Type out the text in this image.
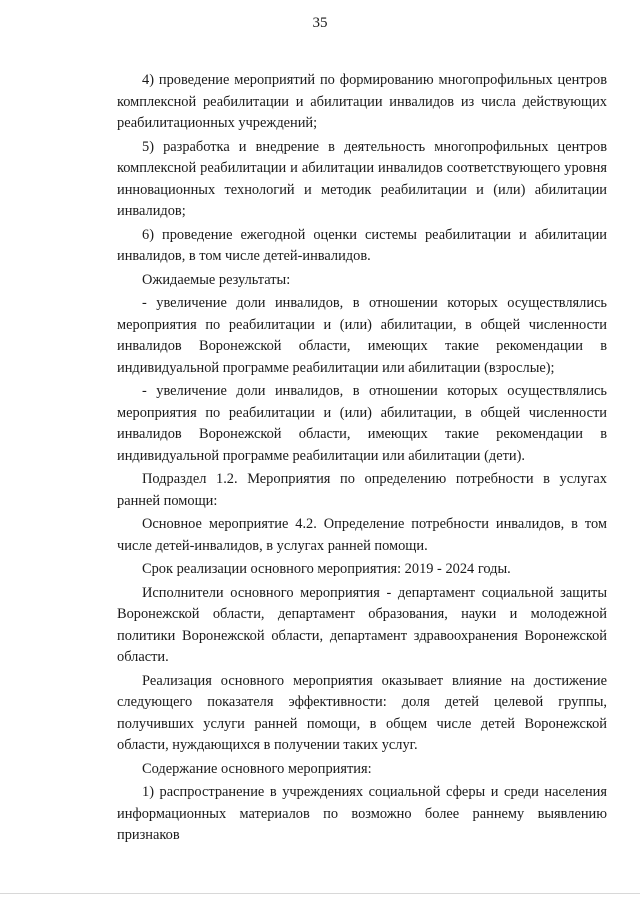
35

4) проведение мероприятий по формированию многопрофильных центров комплексной реабилитации и абилитации инвалидов из числа действующих реабилитационных учреждений;

5) разработка и внедрение в деятельность многопрофильных центров комплексной реабилитации и абилитации инвалидов соответствующего уровня инновационных технологий и методик реабилитации и (или) абилитации инвалидов;

6) проведение ежегодной оценки системы реабилитации и абилитации инвалидов, в том числе детей-инвалидов.

Ожидаемые результаты:

- увеличение доли инвалидов, в отношении которых осуществлялись мероприятия по реабилитации и (или) абилитации, в общей численности инвалидов Воронежской области, имеющих такие рекомендации в индивидуальной программе реабилитации или абилитации (взрослые);

- увеличение доли инвалидов, в отношении которых осуществлялись мероприятия по реабилитации и (или) абилитации, в общей численности инвалидов Воронежской области, имеющих такие рекомендации в индивидуальной программе реабилитации или абилитации (дети).

Подраздел 1.2. Мероприятия по определению потребности в услугах ранней помощи:

Основное мероприятие 4.2. Определение потребности инвалидов, в том числе детей-инвалидов, в услугах ранней помощи.

Срок реализации основного мероприятия: 2019 - 2024 годы.

Исполнители основного мероприятия - департамент социальной защиты Воронежской области, департамент образования, науки и молодежной политики Воронежской области, департамент здравоохранения Воронежской области.

Реализация основного мероприятия оказывает влияние на достижение следующего показателя эффективности: доля детей целевой группы, получивших услуги ранней помощи, в общем числе детей Воронежской области, нуждающихся в получении таких услуг.

Содержание основного мероприятия:

1) распространение в учреждениях социальной сферы и среди населения информационных материалов по возможно более раннему выявлению признаков
